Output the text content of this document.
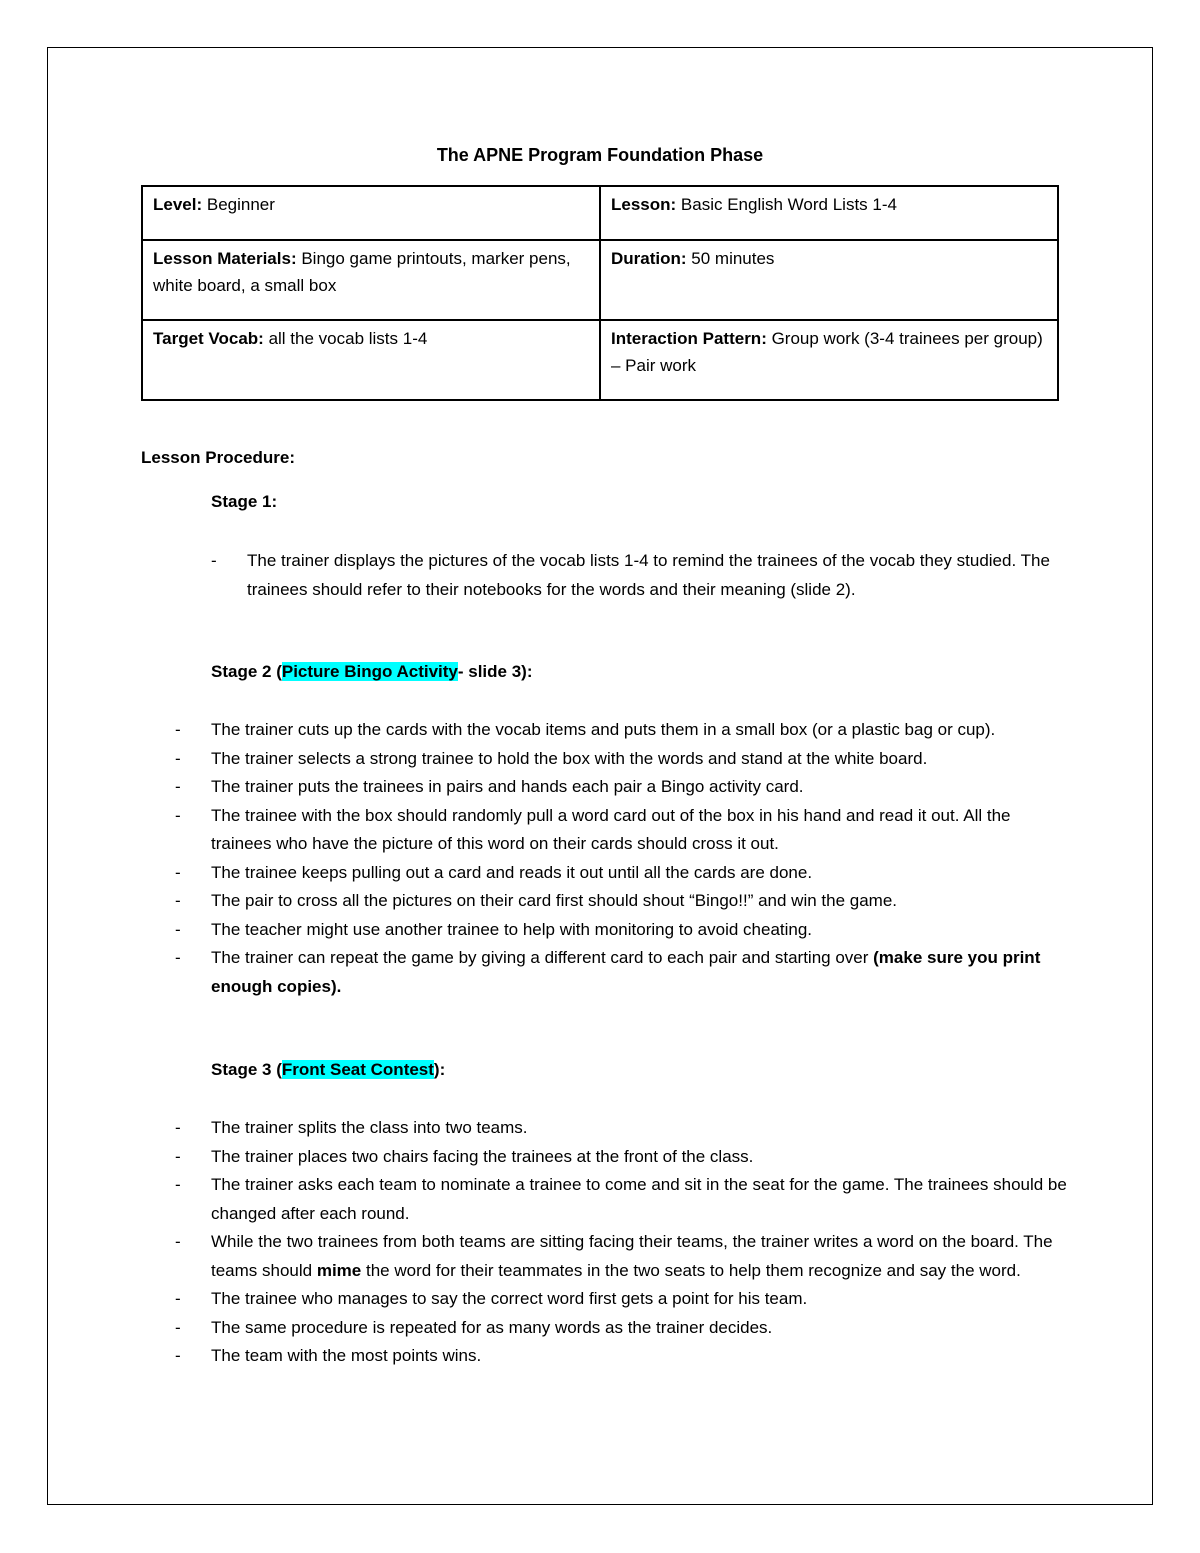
The APNE Program Foundation Phase
Level: Beginner	Lesson: Basic English Word Lists 1-4
Lesson Materials: Bingo game printouts, marker pens, white board, a small box	Duration: 50 minutes
Target Vocab: all the vocab lists 1-4	Interaction Pattern: Group work (3-4 trainees per group) – Pair work
Lesson Procedure:
Stage 1:
- The trainer displays the pictures of the vocab lists 1-4 to remind the trainees of the vocab they studied. The trainees should refer to their notebooks for the words and their meaning (slide 2).
Stage 2 (Picture Bingo Activity- slide 3):
- The trainer cuts up the cards with the vocab items and puts them in a small box (or a plastic bag or cup).
- The trainer selects a strong trainee to hold the box with the words and stand at the white board.
- The trainer puts the trainees in pairs and hands each pair a Bingo activity card.
- The trainee with the box should randomly pull a word card out of the box in his hand and read it out. All the trainees who have the picture of this word on their cards should cross it out.
- The trainee keeps pulling out a card and reads it out until all the cards are done.
- The pair to cross all the pictures on their card first should shout “Bingo!!” and win the game.
- The teacher might use another trainee to help with monitoring to avoid cheating.
- The trainer can repeat the game by giving a different card to each pair and starting over (make sure you print enough copies).
Stage 3 (Front Seat Contest):
- The trainer splits the class into two teams.
- The trainer places two chairs facing the trainees at the front of the class.
- The trainer asks each team to nominate a trainee to come and sit in the seat for the game. The trainees should be changed after each round.
- While the two trainees from both teams are sitting facing their teams, the trainer writes a word on the board. The teams should mime the word for their teammates in the two seats to help them recognize and say the word.
- The trainee who manages to say the correct word first gets a point for his team.
- The same procedure is repeated for as many words as the trainer decides.
- The team with the most points wins.
